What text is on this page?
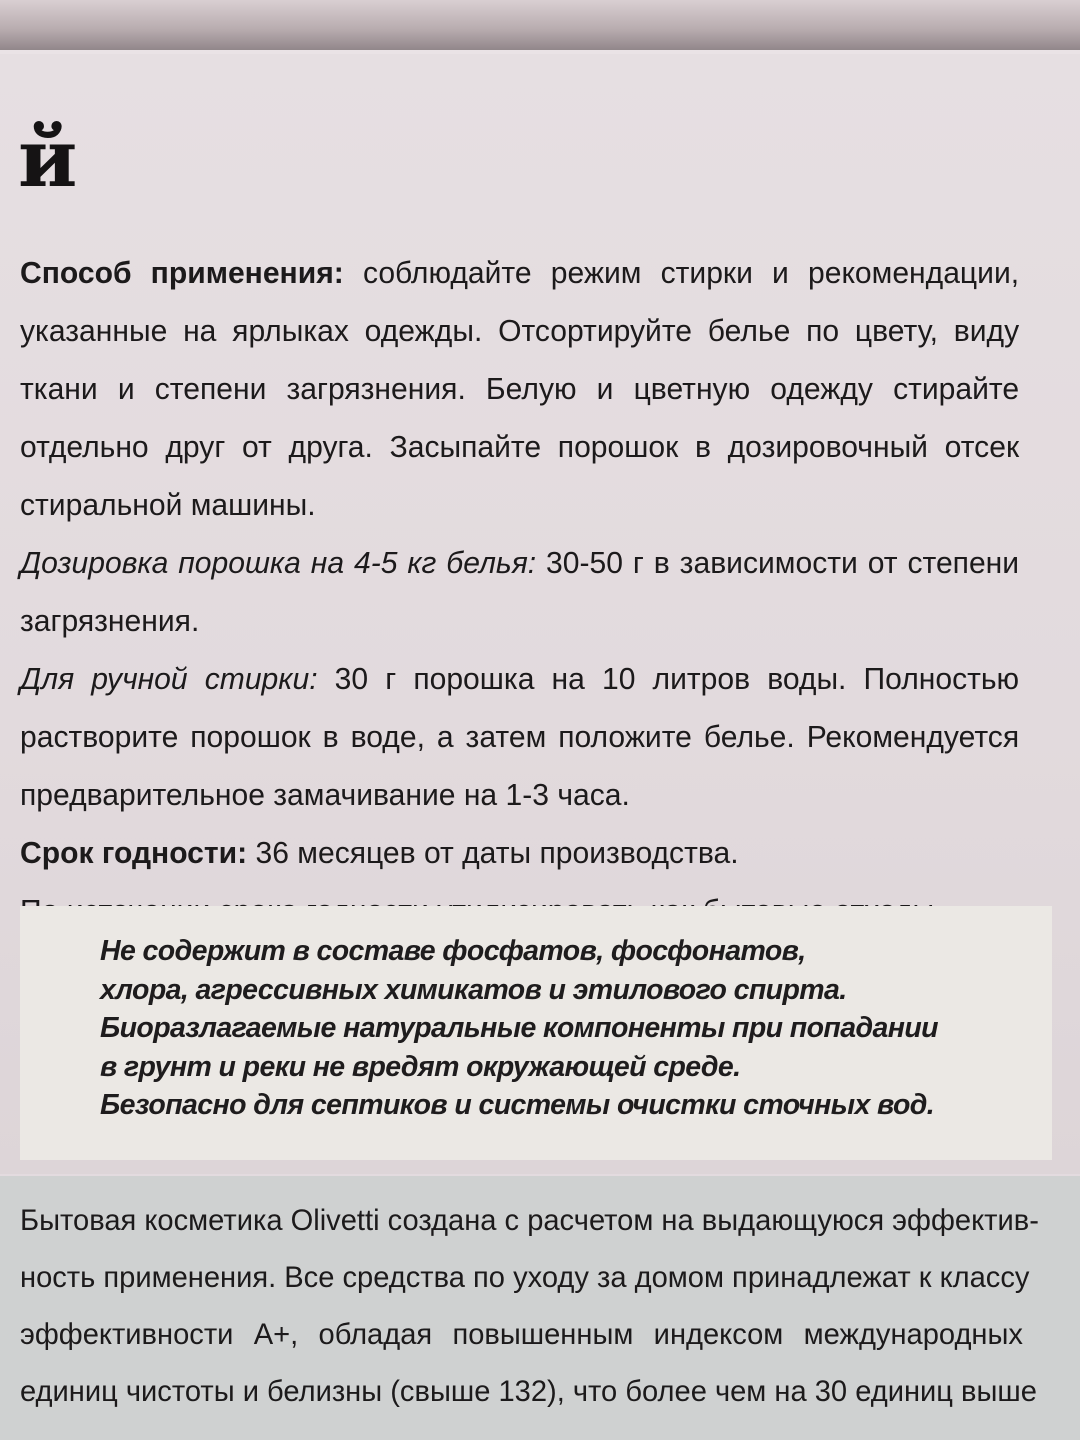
й

Способ применения: соблюдайте режим стирки и рекомендации, указанные на ярлыках одежды. Отсортируйте белье по цвету, виду ткани и степени загрязнения. Белую и цветную одежду стирайте отдельно друг от друга. Засыпайте порошок в дозировочный отсек стиральной машины.

Дозировка порошка на 4-5 кг белья: 30-50 г в зависимости от степени загрязнения.

Для ручной стирки: 30 г порошка на 10 литров воды. Полностью растворите порошок в воде, а затем положите белье. Рекомендуется предварительное замачивание на 1-3 часа.

Срок годности: 36 месяцев от даты производства.

Не содержит в составе фосфатов, фосфонатов,
хлора, агрессивных химикатов и этилового спирта.
Биоразлагаемые натуральные компоненты при попадании
в грунт и реки не вредят окружающей среде.
Безопасно для септиков и системы очистки сточных вод.
Бытовая косметика Olivetti создана с расчетом на выдающуюся эффектив-
ность применения. Все средства по уходу за домом принадлежат к классу
эффективности А+, обладая повышенным индексом международных
единиц чистоты и белизны (свыше 132), что более чем на 30 единиц выше
